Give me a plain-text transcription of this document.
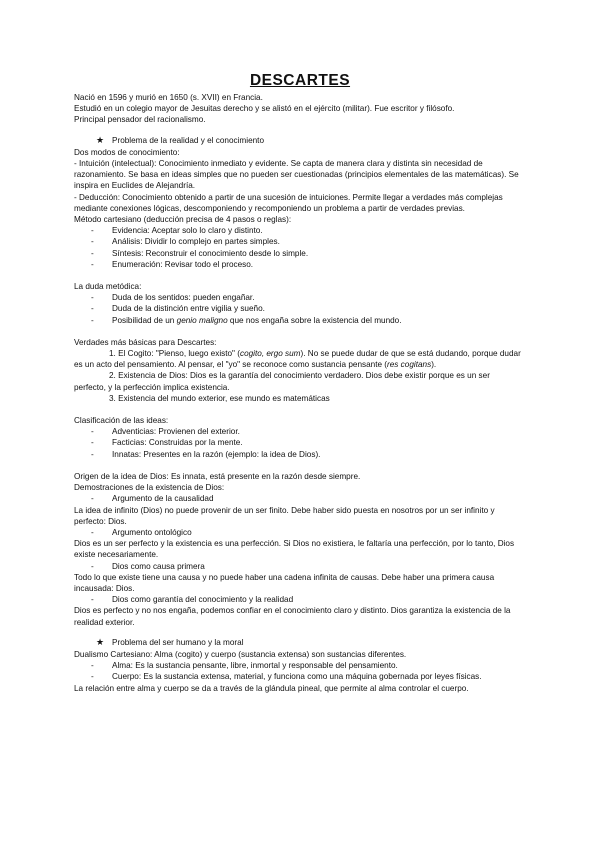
DESCARTES

Nació en 1596 y murió en 1650 (s. XVII) en Francia.

Estudió en un colegio mayor de Jesuitas derecho y se alistó en el ejército (militar). Fue escritor y filósofo.

Principal pensador del racionalismo.

★ Problema de la realidad y el conocimiento

Dos modos de conocimiento:

- Intuición (intelectual): Conocimiento inmediato y evidente. Se capta de manera clara y distinta sin necesidad de razonamiento. Se basa en ideas simples que no pueden ser cuestionadas (principios elementales de las matemáticas). Se inspira en Euclides de Alejandría.

- Deducción: Conocimiento obtenido a partir de una sucesión de intuiciones. Permite llegar a verdades más complejas mediante conexiones lógicas, descomponiendo y recomponiendo un problema a partir de verdades previas.

Método cartesiano (deducción precisa de 4 pasos o reglas):

- Evidencia: Aceptar solo lo claro y distinto.
- Análisis: Dividir lo complejo en partes simples.
- Síntesis: Reconstruir el conocimiento desde lo simple.
- Enumeración: Revisar todo el proceso.

La duda metódica:

- Duda de los sentidos: pueden engañar.
- Duda de la distinción entre vigilia y sueño.
- Posibilidad de un genio maligno que nos engaña sobre la existencia del mundo.

Verdades más básicas para Descartes:

1. El Cogito: "Pienso, luego existo" (cogito, ergo sum). No se puede dudar de que se está dudando, porque dudar es un acto del pensamiento. Al pensar, el "yo" se reconoce como sustancia pensante (res cogitans).

2. Existencia de Dios: Dios es la garantía del conocimiento verdadero. Dios debe existir porque es un ser perfecto, y la perfección implica existencia.

3. Existencia del mundo exterior, ese mundo es matemáticas

Clasificación de las ideas:

- Adventicias: Provienen del exterior.
- Facticias: Construidas por la mente.
- Innatas: Presentes en la razón (ejemplo: la idea de Dios).

Origen de la idea de Dios: Es innata, está presente en la razón desde siempre.

Demostraciones de la existencia de Dios:

- Argumento de la causalidad

La idea de infinito (Dios) no puede provenir de un ser finito. Debe haber sido puesta en nosotros por un ser infinito y perfecto: Dios.

- Argumento ontológico

Dios es un ser perfecto y la existencia es una perfección. Si Dios no existiera, le faltaría una perfección, por lo tanto, Dios existe necesariamente.

- Dios como causa primera

Todo lo que existe tiene una causa y no puede haber una cadena infinita de causas. Debe haber una primera causa incausada: Dios.

- Dios como garantía del conocimiento y la realidad

Dios es perfecto y no nos engaña, podemos confiar en el conocimiento claro y distinto. Dios garantiza la existencia de la realidad exterior.

★ Problema del ser humano y la moral

Dualismo Cartesiano: Alma (cogito) y cuerpo (sustancia extensa) son sustancias diferentes.

- Alma: Es la sustancia pensante, libre, inmortal y responsable del pensamiento.
- Cuerpo: Es la sustancia extensa, material, y funciona como una máquina gobernada por leyes físicas.

La relación entre alma y cuerpo se da a través de la glándula pineal, que permite al alma controlar el cuerpo.
